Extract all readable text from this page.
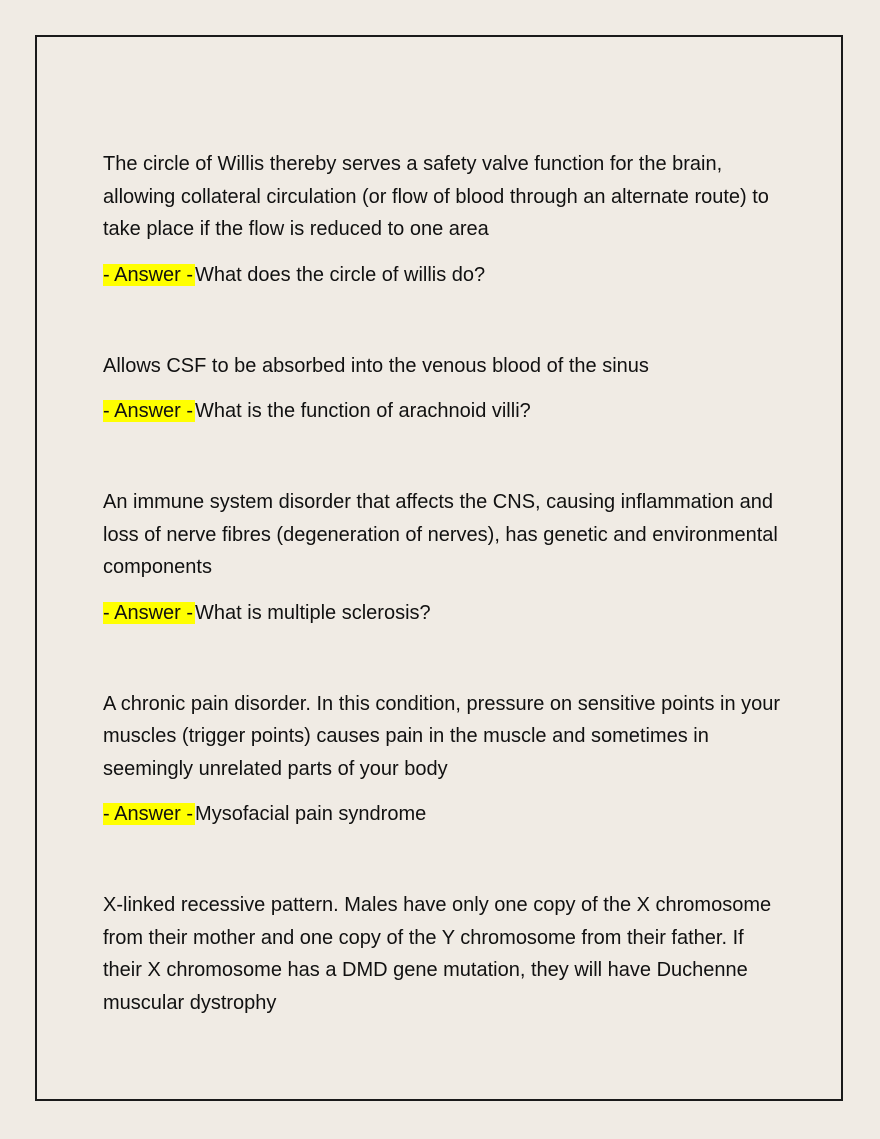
The circle of Willis thereby serves a safety valve function for the brain, allowing collateral circulation (or flow of blood through an alternate route) to take place if the flow is reduced to one area

- Answer - What does the circle of willis do?

Allows CSF to be absorbed into the venous blood of the sinus

- Answer - What is the function of arachnoid villi?

An immune system disorder that affects the CNS, causing inflammation and loss of nerve fibres (degeneration of nerves), has genetic and environmental components

- Answer - What is multiple sclerosis?

A chronic pain disorder. In this condition, pressure on sensitive points in your muscles (trigger points) causes pain in the muscle and sometimes in seemingly unrelated parts of your body

- Answer - Mysofacial pain syndrome

X-linked recessive pattern. Males have only one copy of the X chromosome from their mother and one copy of the Y chromosome from their father. If their X chromosome has a DMD gene mutation, they will have Duchenne muscular dystrophy
